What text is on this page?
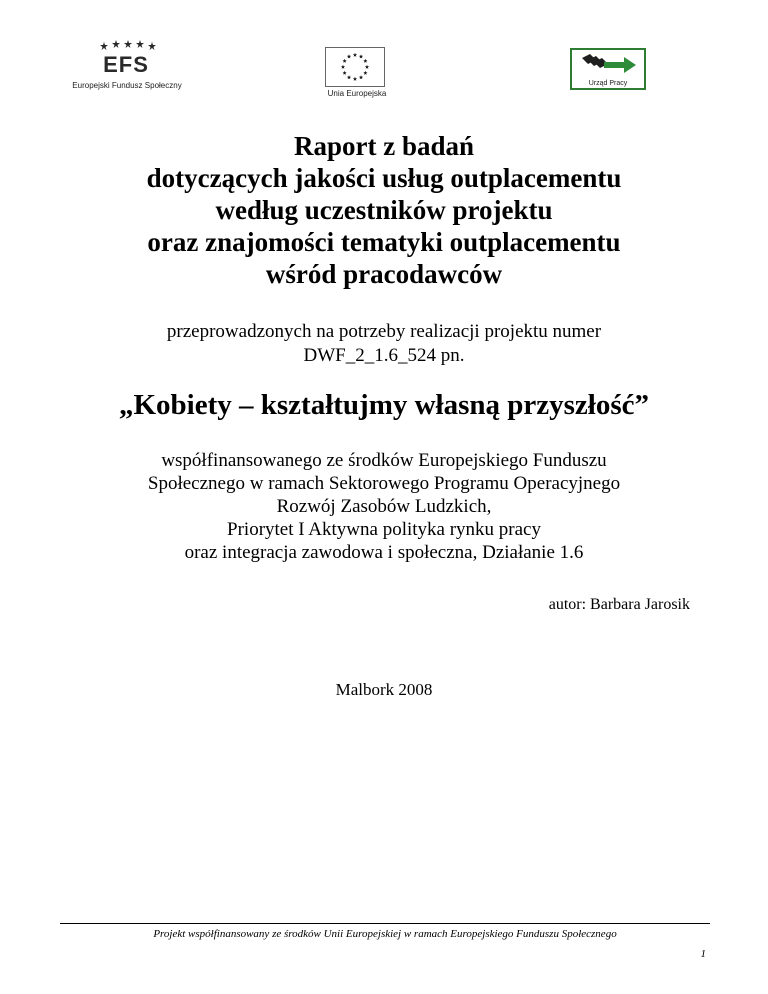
EFS
Europejski Fundusz Społeczny
Unia Europejska
Urząd Pracy
Raport z badań
dotyczących jakości usług outplacementu
według uczestników projektu
oraz znajomości tematyki outplacementu
wśród pracodawców
przeprowadzonych na potrzeby realizacji projektu numer
DWF_2_1.6_524 pn.
„Kobiety – kształtujmy własną przyszłość”
współfinansowanego ze środków Europejskiego Funduszu
Społecznego w ramach Sektorowego Programu Operacyjnego
Rozwój Zasobów Ludzkich,
Priorytet I Aktywna polityka rynku pracy
oraz integracja zawodowa i społeczna, Działanie 1.6
autor: Barbara Jarosik
Malbork 2008
Projekt współfinansowany ze środków Unii Europejskiej w ramach Europejskiego Funduszu Społecznego
1
